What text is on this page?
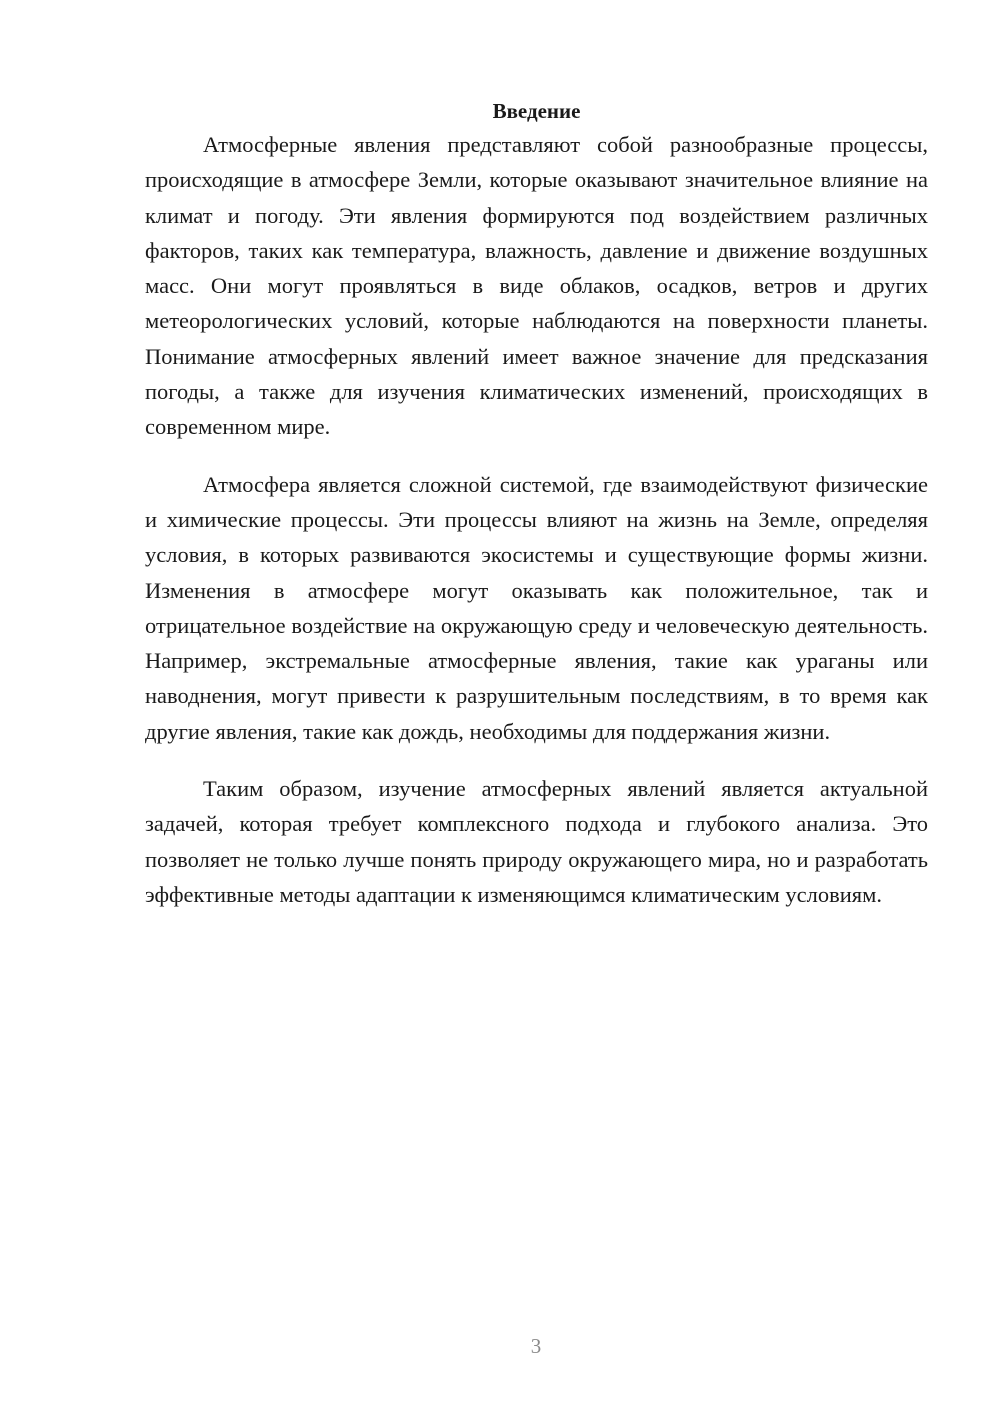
Введение

Атмосферные явления представляют собой разнообразные процессы, происходящие в атмосфере Земли, которые оказывают значительное влияние на климат и погоду. Эти явления формируются под воздействием различных факторов, таких как температура, влажность, давление и движение воздушных масс. Они могут проявляться в виде облаков, осадков, ветров и других метеорологических условий, которые наблюдаются на поверхности планеты. Понимание атмосферных явлений имеет важное значение для предсказания погоды, а также для изучения климатических изменений, происходящих в современном мире.

Атмосфера является сложной системой, где взаимодействуют физические и химические процессы. Эти процессы влияют на жизнь на Земле, определяя условия, в которых развиваются экосистемы и существующие формы жизни. Изменения в атмосфере могут оказывать как положительное, так и отрицательное воздействие на окружающую среду и человеческую деятельность. Например, экстремальные атмосферные явления, такие как ураганы или наводнения, могут привести к разрушительным последствиям, в то время как другие явления, такие как дождь, необходимы для поддержания жизни.

Таким образом, изучение атмосферных явлений является актуальной задачей, которая требует комплексного подхода и глубокого анализа. Это позволяет не только лучше понять природу окружающего мира, но и разработать эффективные методы адаптации к изменяющимся климатическим условиям.

3
